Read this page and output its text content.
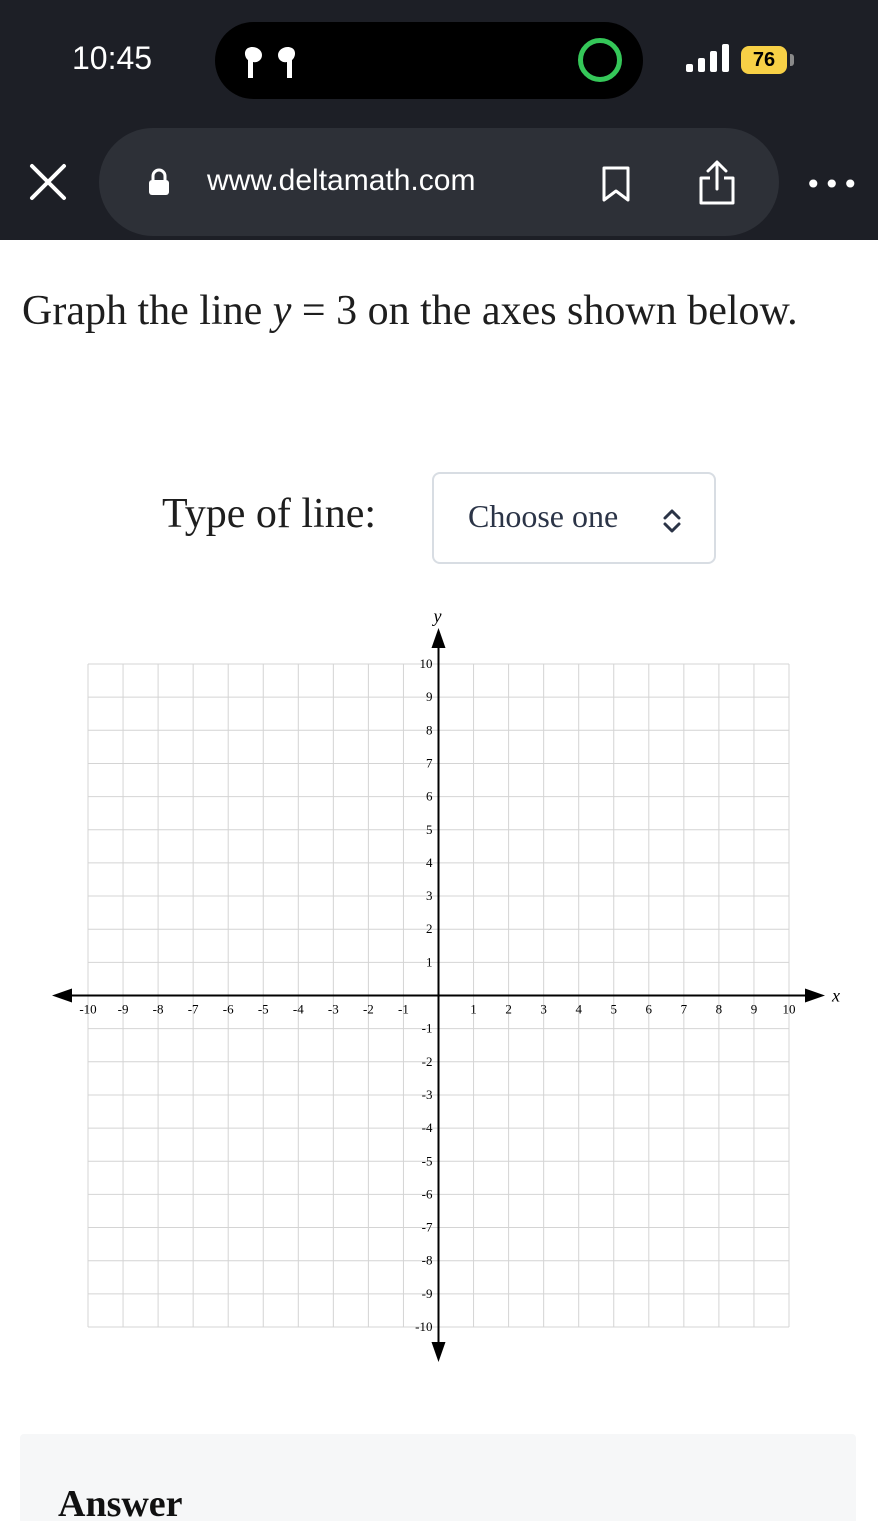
10:45	76
www.deltamath.com	•••
Graph the line y = 3 on the axes shown below.
Type of line:	Choose one
x
y
-10 -9 -8 -7 -6 -5 -4 -3 -2 -1	1 2 3 4 5 6 7 8 9 10
10
9
8
7
6
5
4
3
2
1
-1
-2
-3
-4
-5
-6
-7
-8
-9
-10
Answer
